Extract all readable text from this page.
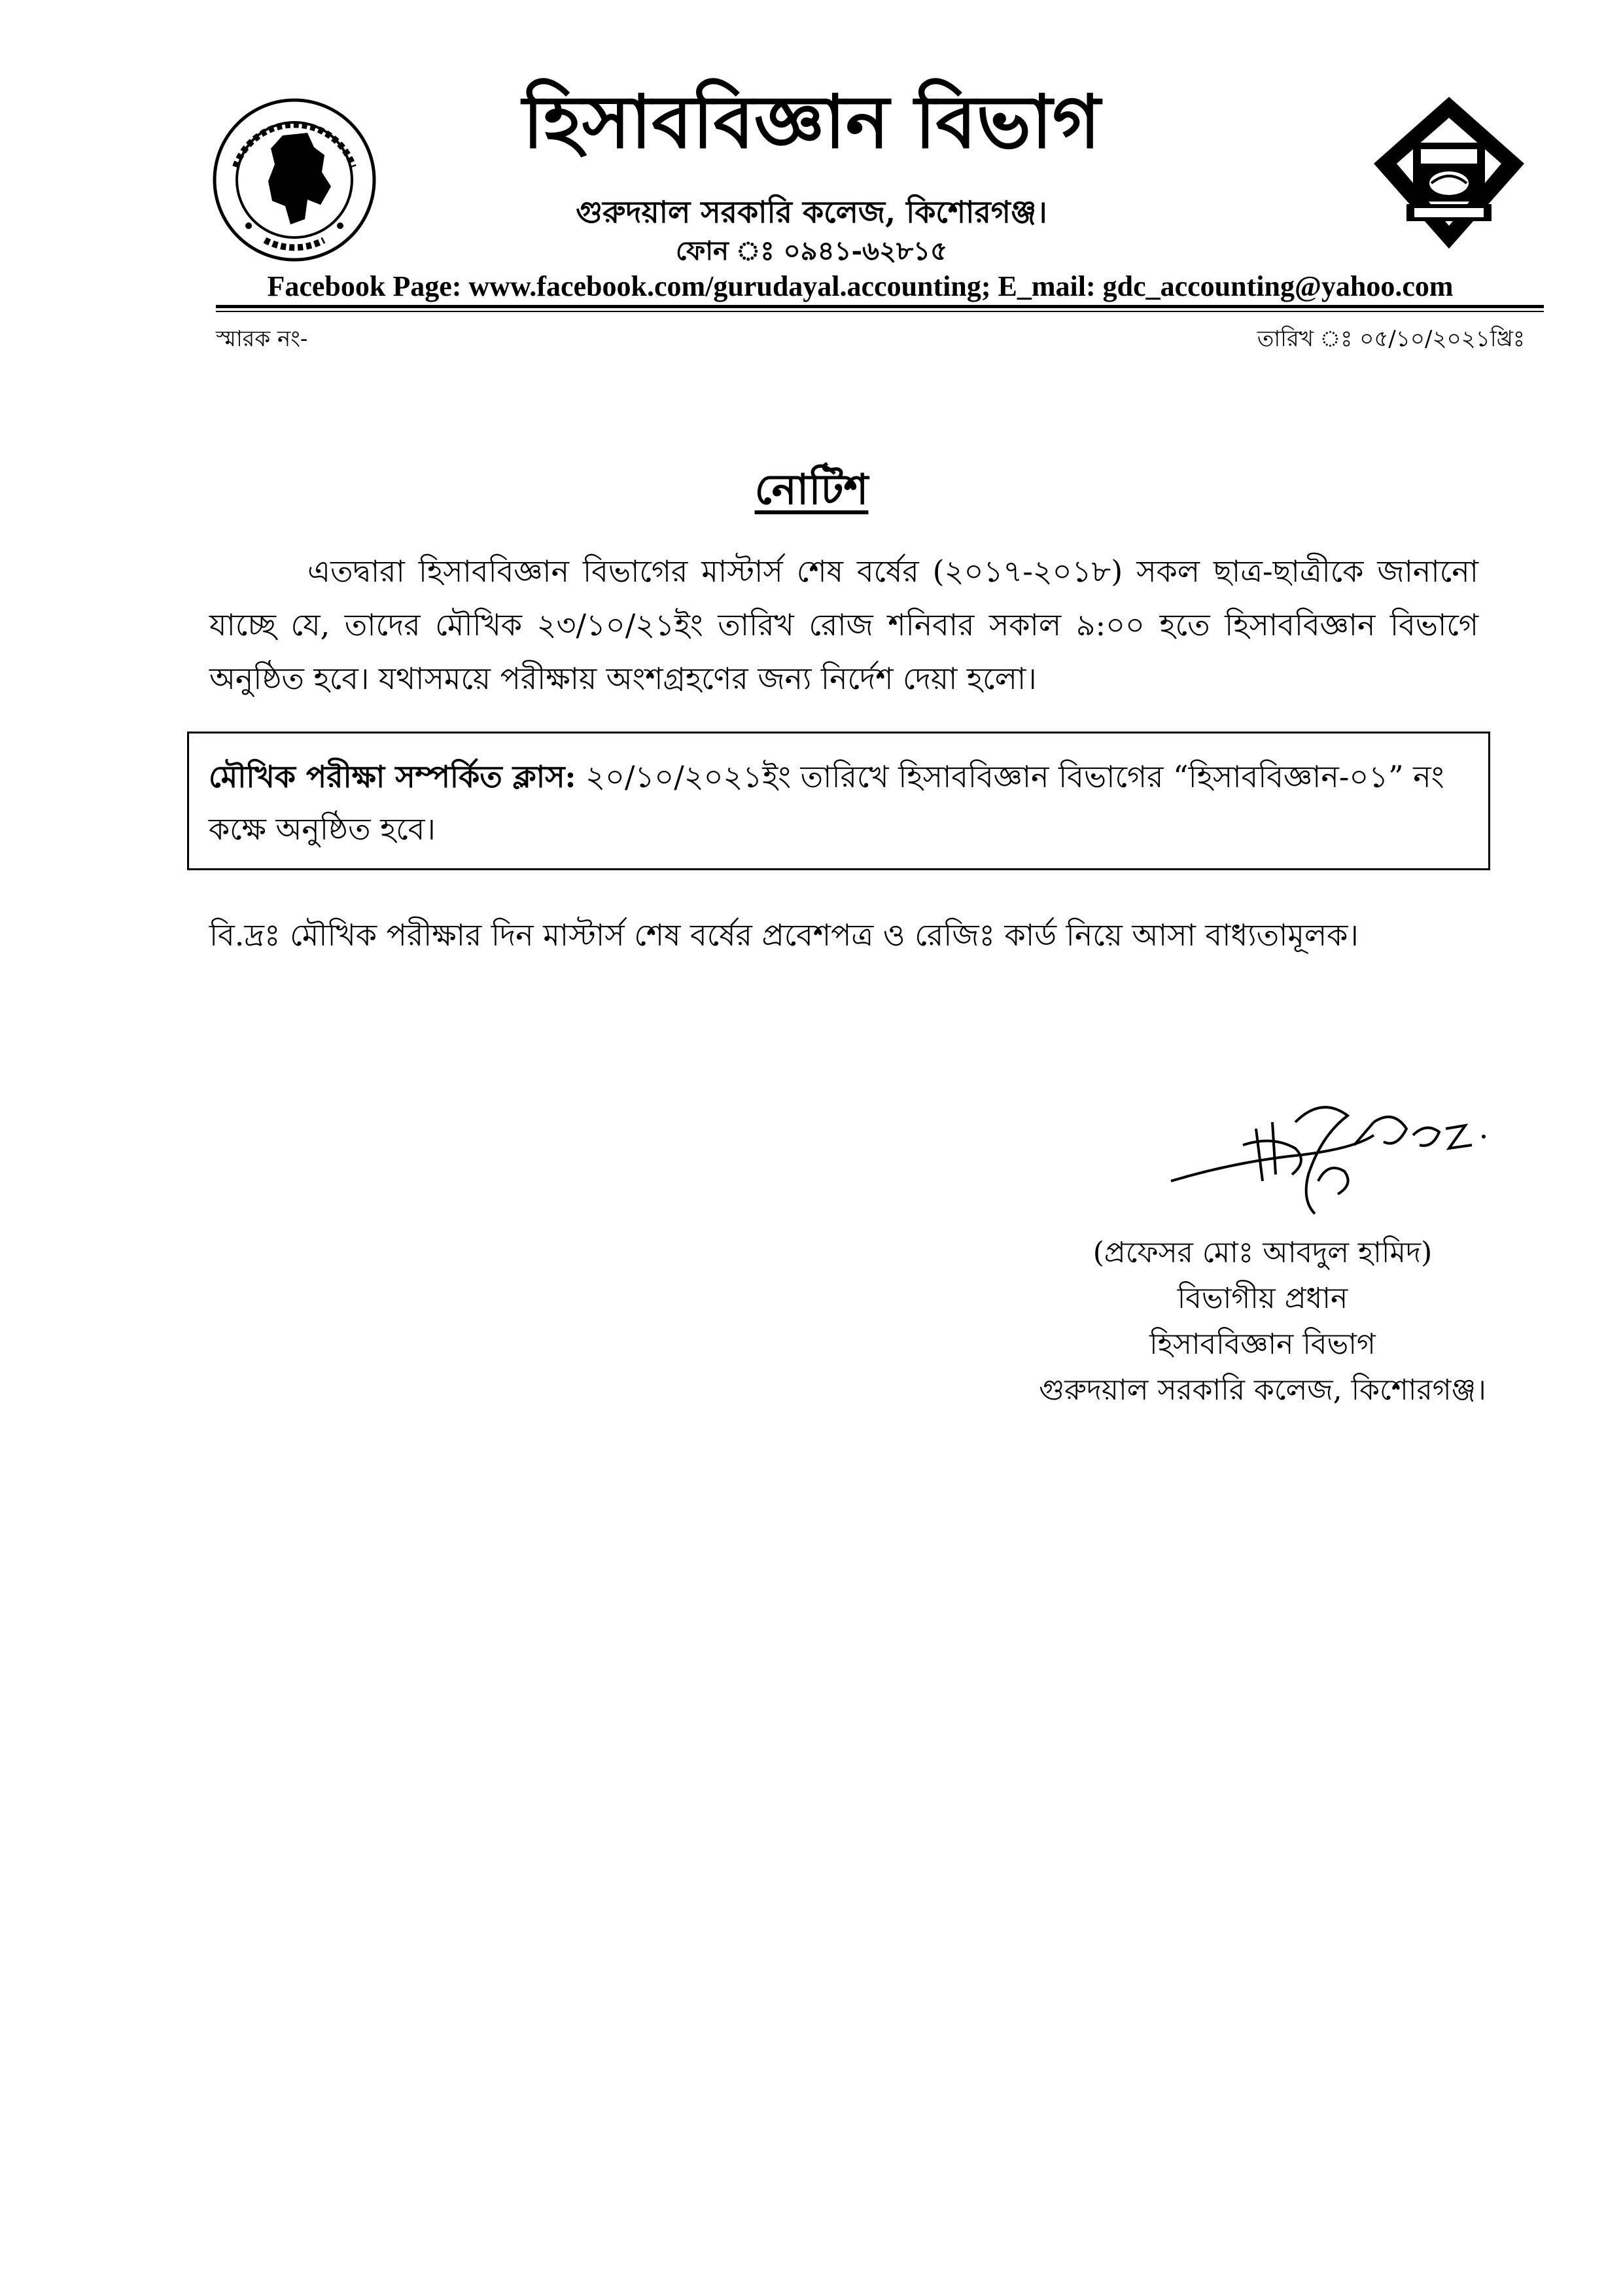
হিসাববিজ্ঞান বিভাগ
গুরুদয়াল সরকারি কলেজ, কিশোরগঞ্জ।
ফোন ঃ ০৯৪১-৬২৮১৫
Facebook Page: www.facebook.com/gurudayal.accounting; E_mail: gdc_accounting@yahoo.com
স্মারক নং-	তারিখ ঃ ০৫/১০/২০২১খ্রিঃ
নোটিশ
এতদ্বারা হিসাববিজ্ঞান বিভাগের মাস্টার্স শেষ বর্ষের (২০১৭-২০১৮) সকল ছাত্র-ছাত্রীকে জানানো যাচ্ছে যে, তাদের মৌখিক ২৩/১০/২১ইং তারিখ রোজ শনিবার সকাল ৯:০০ হতে হিসাববিজ্ঞান বিভাগে অনুষ্ঠিত হবে। যথাসময়ে পরীক্ষায় অংশগ্রহণের জন্য নির্দেশ দেয়া হলো।
মৌখিক পরীক্ষা সম্পর্কিত ক্লাস: ২০/১০/২০২১ইং তারিখে হিসাববিজ্ঞান বিভাগের “হিসাববিজ্ঞান-০১” নং কক্ষে অনুষ্ঠিত হবে।
বি.দ্রঃ মৌখিক পরীক্ষার দিন মাস্টার্স শেষ বর্ষের প্রবেশপত্র ও রেজিঃ কার্ড নিয়ে আসা বাধ্যতামূলক।
(প্রফেসর মোঃ আবদুল হামিদ)
বিভাগীয় প্রধান
হিসাববিজ্ঞান বিভাগ
গুরুদয়াল সরকারি কলেজ, কিশোরগঞ্জ।
